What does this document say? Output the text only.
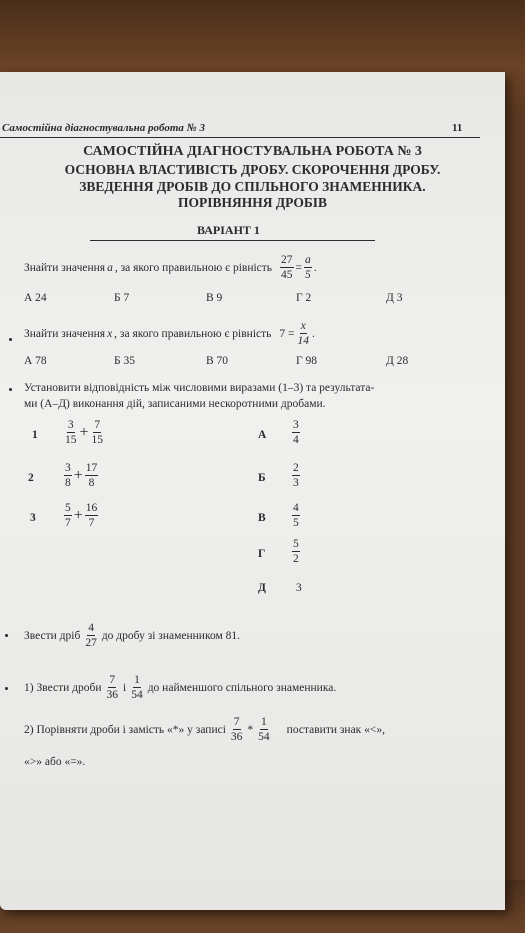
Самостійна діагностувальна робота № 3	11
САМОСТІЙНА ДІАГНОСТУВАЛЬНА РОБОТА № 3
ОСНОВНА ВЛАСТИВІСТЬ ДРОБУ. СКОРОЧЕННЯ ДРОБУ.
ЗВЕДЕННЯ ДРОБІВ ДО СПІЛЬНОГО ЗНАМЕННИКА.
ПОРІВНЯННЯ ДРОБІВ
ВАРІАНТ 1
Знайти значення a , за якого правильною є рівність $\frac{27}{45} = \frac{a}{5}$ .
А 24	Б 7	В 9	Г 2	Д 3
Знайти значення x , за якого правильною є рівність $7 = \frac{x}{14}$ .
А 78	Б 35	В 70	Г 98	Д 28
Установити відповідність між числовими виразами (1–3) та результата-
ми (А–Д) виконання дій, записаними нескоротними дробами.
$1 \frac{3}{15} + \frac{7}{15}$
2	$\frac{3}{8} + \frac{17}{8}$
$3 \frac{5}{7} + \frac{16}{7}$
А $\frac{3}{4}$
Б $\frac{2}{3}$
В $\frac{4}{5}$
Г $\frac{5}{2}$
Д	3
Звести дріб $\frac{4}{27}$ до дробу зі знаменником 81.
1) Звести дроби $\frac{7}{36}$ і $\frac{1}{54}$ до найменшого спільного знаменника.
2) Порівняти дроби і замість «*» у записі $\frac{7}{36} * \frac{1}{54}$ поставити знак «<»,
«>» або «=».
